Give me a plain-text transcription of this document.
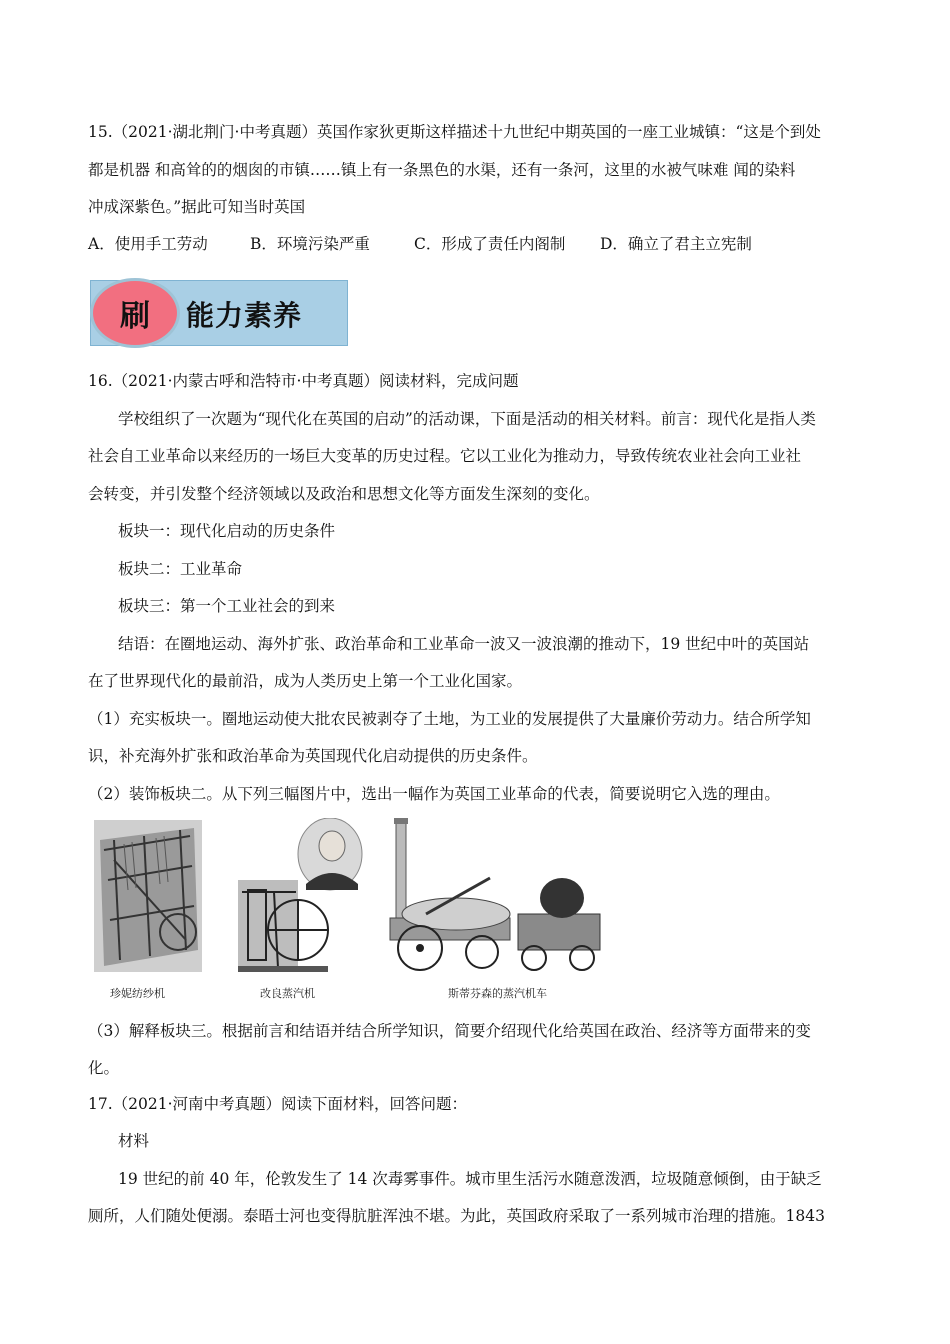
15.（2021·湖北荆门·中考真题）英国作家狄更斯这样描述十九世纪中期英国的一座工业城镇：“这是个到处
都是机器 和高耸的的烟囱的市镇……镇上有一条黑色的水渠，还有一条河，这里的水被气味难 闻的染料
冲成深紫色。”据此可知当时英国
A．使用手工劳动	B．环境污染严重	C．形成了责任内阁制 D．确立了君主立宪制
刷	能力素养
16.（2021·内蒙古呼和浩特市·中考真题）阅读材料，完成问题
学校组织了一次题为“现代化在英国的启动”的活动课，下面是活动的相关材料。前言：现代化是指人类
社会自工业革命以来经历的一场巨大变革的历史过程。它以工业化为推动力，导致传统农业社会向工业社
会转变，并引发整个经济领域以及政治和思想文化等方面发生深刻的变化。
板块一：现代化启动的历史条件
板块二：工业革命
板块三：第一个工业社会的到来
结语：在圈地运动、海外扩张、政治革命和工业革命一波又一波浪潮的推动下，19 世纪中叶的英国站
在了世界现代化的最前沿，成为人类历史上第一个工业化国家。
（1）充实板块一。圈地运动使大批农民被剥夺了土地，为工业的发展提供了大量廉价劳动力。结合所学知
识，补充海外扩张和政治革命为英国现代化启动提供的历史条件。
（2）装饰板块二。从下列三幅图片中，选出一幅作为英国工业革命的代表，简要说明它入选的理由。
珍妮纺纱机	改良蒸汽机	斯蒂芬森的蒸汽机车
（3）解释板块三。根据前言和结语并结合所学知识，简要介绍现代化给英国在政治、经济等方面带来的变
化。
17.（2021·河南中考真题）阅读下面材料，回答问题：
材料
19 世纪的前 40 年，伦敦发生了 14 次毒雾事件。城市里生活污水随意泼洒，垃圾随意倾倒，由于缺乏
厕所，人们随处便溺。泰晤士河也变得肮脏浑浊不堪。为此，英国政府采取了一系列城市治理的措施。1843
